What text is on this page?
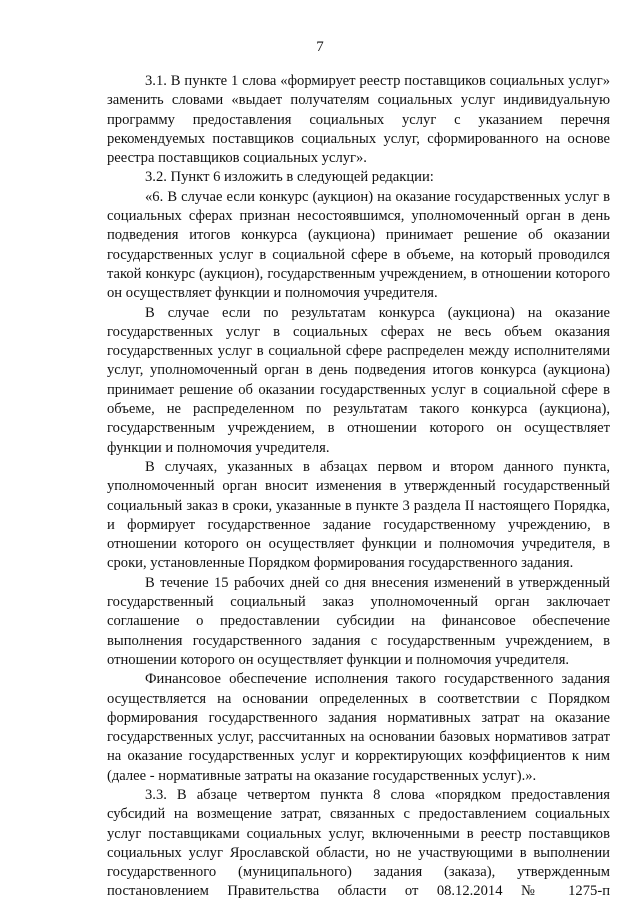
7

3.1. В пункте 1 слова «формирует реестр поставщиков социальных услуг» заменить словами «выдает получателям социальных услуг индивидуальную программу предоставления социальных услуг с указанием перечня рекомендуемых поставщиков социальных услуг, сформированного на основе реестра поставщиков социальных услуг».

3.2. Пункт 6 изложить в следующей редакции:

«6. В случае если конкурс (аукцион) на оказание государственных услуг в социальных сферах признан несостоявшимся, уполномоченный орган в день подведения итогов конкурса (аукциона) принимает решение об оказании государственных услуг в социальной сфере в объеме, на который проводился такой конкурс (аукцион), государственным учреждением, в отношении которого он осуществляет функции и полномочия учредителя.

В случае если по результатам конкурса (аукциона) на оказание государственных услуг в социальных сферах не весь объем оказания государственных услуг в социальной сфере распределен между исполнителями услуг, уполномоченный орган в день подведения итогов конкурса (аукциона) принимает решение об оказании государственных услуг в социальной сфере в объеме, не распределенном по результатам такого конкурса (аукциона), государственным учреждением, в отношении которого он осуществляет функции и полномочия учредителя.

В случаях, указанных в абзацах первом и втором данного пункта, уполномоченный орган вносит изменения в утвержденный государственный социальный заказ в сроки, указанные в пункте 3 раздела II настоящего Порядка, и формирует государственное задание государственному учреждению, в отношении которого он осуществляет функции и полномочия учредителя, в сроки, установленные Порядком формирования государственного задания.

В течение 15 рабочих дней со дня внесения изменений в утвержденный государственный социальный заказ уполномоченный орган заключает соглашение о предоставлении субсидии на финансовое обеспечение выполнения государственного задания с государственным учреждением, в отношении которого он осуществляет функции и полномочия учредителя.

Финансовое обеспечение исполнения такого государственного задания осуществляется на основании определенных в соответствии с Порядком формирования государственного задания нормативных затрат на оказание государственных услуг, рассчитанных на основании базовых нормативов затрат на оказание государственных услуг и корректирующих коэффициентов к ним (далее - нормативные затраты на оказание государственных услуг).».

3.3. В абзаце четвертом пункта 8 слова «порядком предоставления субсидий на возмещение затрат, связанных с предоставлением социальных услуг поставщиками социальных услуг, включенными в реестр поставщиков социальных услуг Ярославской области, но не участвующими в выполнении государственного (муниципального) задания (заказа), утвержденным постановлением Правительства области от 08.12.2014 № 1275-п
